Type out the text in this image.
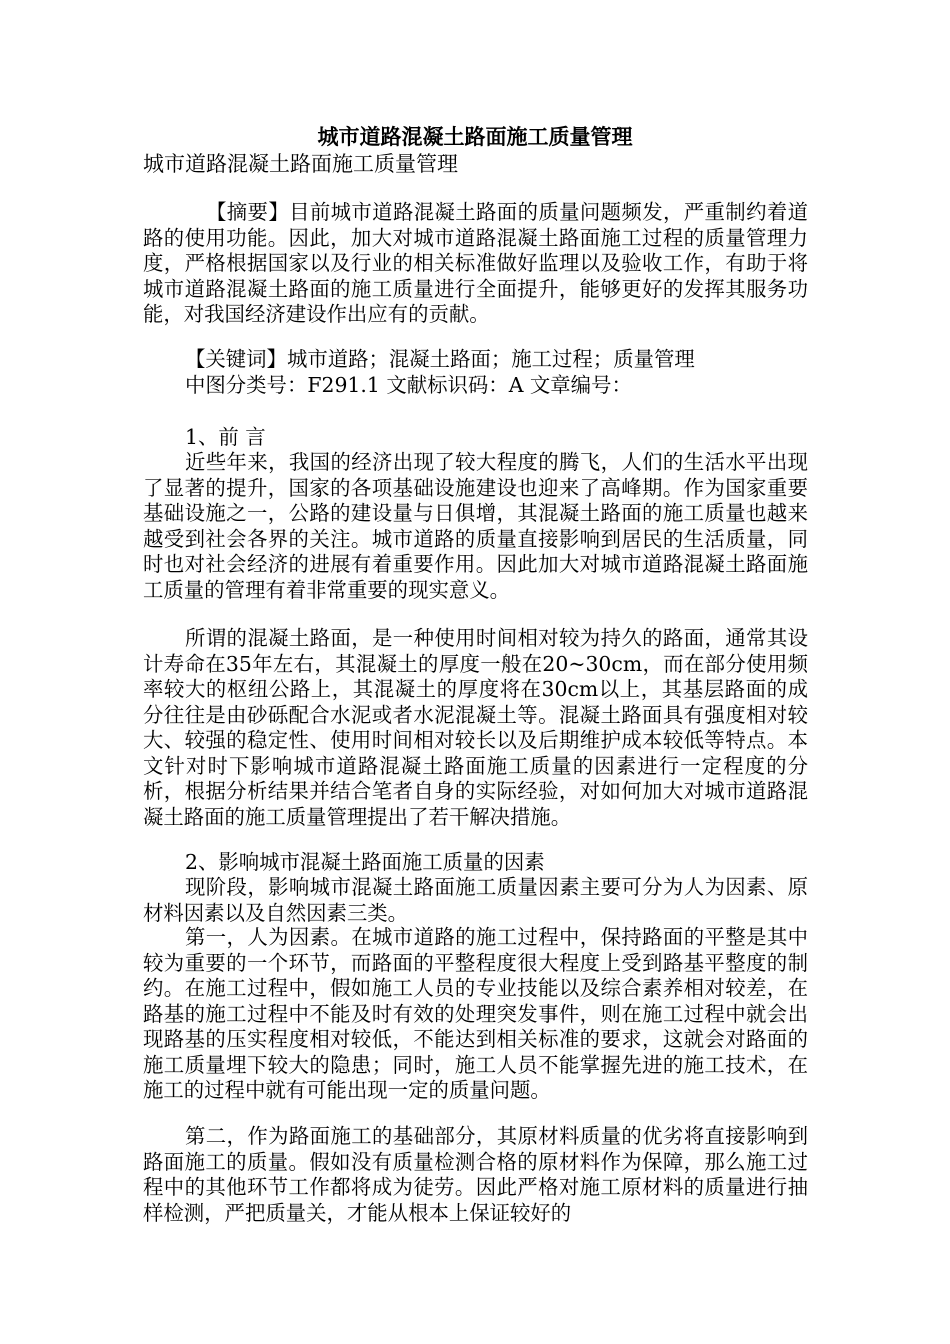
城市道路混凝土路面施工质量管理

城市道路混凝土路面施工质量管理

【摘要】目前城市道路混凝土路面的质量问题频发，严重制约着道路的使用功能。因此，加大对城市道路混凝土路面施工过程的质量管理力度，严格根据国家以及行业的相关标准做好监理以及验收工作，有助于将城市道路混凝土路面的施工质量进行全面提升，能够更好的发挥其服务功能，对我国经济建设作出应有的贡献。

【关键词】城市道路；混凝土路面；施工过程；质量管理

中图分类号：F291.1 文献标识码：A 文章编号：

1、前 言

近些年来，我国的经济出现了较大程度的腾飞，人们的生活水平出现了显著的提升，国家的各项基础设施建设也迎来了高峰期。作为国家重要基础设施之一，公路的建设量与日俱增，其混凝土路面的施工质量也越来越受到社会各界的关注。城市道路的质量直接影响到居民的生活质量，同时也对社会经济的进展有着重要作用。因此加大对城市道路混凝土路面施工质量的管理有着非常重要的现实意义。

所谓的混凝土路面，是一种使用时间相对较为持久的路面，通常其设计寿命在35年左右，其混凝土的厚度一般在20~30cm，而在部分使用频率较大的枢纽公路上，其混凝土的厚度将在30cm以上，其基层路面的成分往往是由砂砾配合水泥或者水泥混凝土等。混凝土路面具有强度相对较大、较强的稳定性、使用时间相对较长以及后期维护成本较低等特点。本文针对时下影响城市道路混凝土路面施工质量的因素进行一定程度的分析，根据分析结果并结合笔者自身的实际经验，对如何加大对城市道路混凝土路面的施工质量管理提出了若干解决措施。

2、影响城市混凝土路面施工质量的因素

现阶段，影响城市混凝土路面施工质量因素主要可分为人为因素、原材料因素以及自然因素三类。

第一，人为因素。在城市道路的施工过程中，保持路面的平整是其中较为重要的一个环节，而路面的平整程度很大程度上受到路基平整度的制约。在施工过程中，假如施工人员的专业技能以及综合素养相对较差，在路基的施工过程中不能及时有效的处理突发事件，则在施工过程中就会出现路基的压实程度相对较低，不能达到相关标准的要求，这就会对路面的施工质量埋下较大的隐患；同时，施工人员不能掌握先进的施工技术，在施工的过程中就有可能出现一定的质量问题。

第二，作为路面施工的基础部分，其原材料质量的优劣将直接影响到路面施工的质量。假如没有质量检测合格的原材料作为保障，那么施工过程中的其他环节工作都将成为徒劳。因此严格对施工原材料的质量进行抽样检测，严把质量关，才能从根本上保证较好的
